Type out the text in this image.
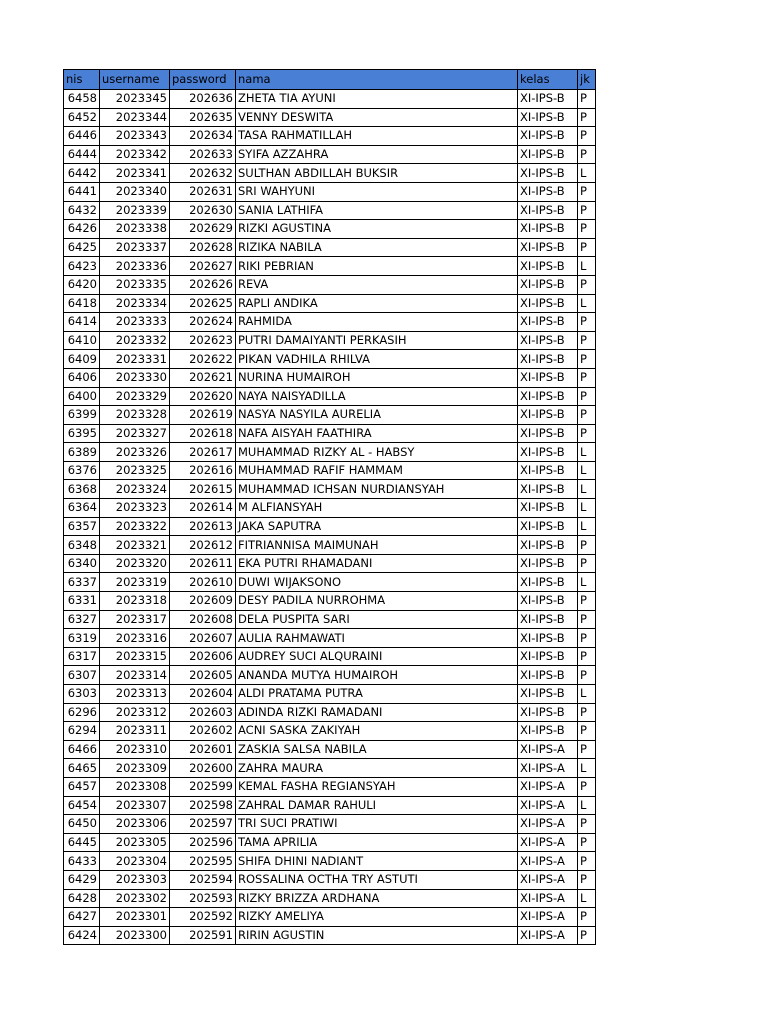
nis	username	password	nama	kelas	jk
6458	2023345	202636	ZHETA TIA AYUNI	XI-IPS-B	P
6452	2023344	202635	VENNY DESWITA	XI-IPS-B	P
6446	2023343	202634	TASA RAHMATILLAH	XI-IPS-B	P
6444	2023342	202633	SYIFA AZZAHRA	XI-IPS-B	P
6442	2023341	202632	SULTHAN ABDILLAH BUKSIR	XI-IPS-B	L
6441	2023340	202631	SRI WAHYUNI	XI-IPS-B	P
6432	2023339	202630	SANIA LATHIFA	XI-IPS-B	P
6426	2023338	202629	RIZKI AGUSTINA	XI-IPS-B	P
6425	2023337	202628	RIZIKA NABILA	XI-IPS-B	P
6423	2023336	202627	RIKI PEBRIAN	XI-IPS-B	L
6420	2023335	202626	REVA	XI-IPS-B	P
6418	2023334	202625	RAPLI ANDIKA	XI-IPS-B	L
6414	2023333	202624	RAHMIDA	XI-IPS-B	P
6410	2023332	202623	PUTRI DAMAIYANTI PERKASIH	XI-IPS-B	P
6409	2023331	202622	PIKAN VADHILA RHILVA	XI-IPS-B	P
6406	2023330	202621	NURINA HUMAIROH	XI-IPS-B	P
6400	2023329	202620	NAYA NAISYADILLA	XI-IPS-B	P
6399	2023328	202619	NASYA NASYILA AURELIA	XI-IPS-B	P
6395	2023327	202618	NAFA AISYAH FAATHIRA	XI-IPS-B	P
6389	2023326	202617	MUHAMMAD RIZKY AL - HABSY	XI-IPS-B	L
6376	2023325	202616	MUHAMMAD RAFIF HAMMAM	XI-IPS-B	L
6368	2023324	202615	MUHAMMAD ICHSAN NURDIANSYAH	XI-IPS-B	L
6364	2023323	202614	M ALFIANSYAH	XI-IPS-B	L
6357	2023322	202613	JAKA SAPUTRA	XI-IPS-B	L
6348	2023321	202612	FITRIANNISA MAIMUNAH	XI-IPS-B	P
6340	2023320	202611	EKA PUTRI RHAMADANI	XI-IPS-B	P
6337	2023319	202610	DUWI WIJAKSONO	XI-IPS-B	L
6331	2023318	202609	DESY PADILA NURROHMA	XI-IPS-B	P
6327	2023317	202608	DELA PUSPITA SARI	XI-IPS-B	P
6319	2023316	202607	AULIA RAHMAWATI	XI-IPS-B	P
6317	2023315	202606	AUDREY SUCI ALQURAINI	XI-IPS-B	P
6307	2023314	202605	ANANDA MUTYA HUMAIROH	XI-IPS-B	P
6303	2023313	202604	ALDI PRATAMA PUTRA	XI-IPS-B	L
6296	2023312	202603	ADINDA RIZKI RAMADANI	XI-IPS-B	P
6294	2023311	202602	ACNI SASKA ZAKIYAH	XI-IPS-B	P
6466	2023310	202601	ZASKIA SALSA NABILA	XI-IPS-A	P
6465	2023309	202600	ZAHRA MAURA	XI-IPS-A	L
6457	2023308	202599	KEMAL FASHA REGIANSYAH	XI-IPS-A	P
6454	2023307	202598	ZAHRAL DAMAR RAHULI	XI-IPS-A	L
6450	2023306	202597	TRI SUCI PRATIWI	XI-IPS-A	P
6445	2023305	202596	TAMA APRILIA	XI-IPS-A	P
6433	2023304	202595	SHIFA DHINI NADIANT	XI-IPS-A	P
6429	2023303	202594	ROSSALINA OCTHA TRY ASTUTI	XI-IPS-A	P
6428	2023302	202593	RIZKY BRIZZA ARDHANA	XI-IPS-A	L
6427	2023301	202592	RIZKY AMELIYA	XI-IPS-A	P
6424	2023300	202591	RIRIN AGUSTIN	XI-IPS-A	P
